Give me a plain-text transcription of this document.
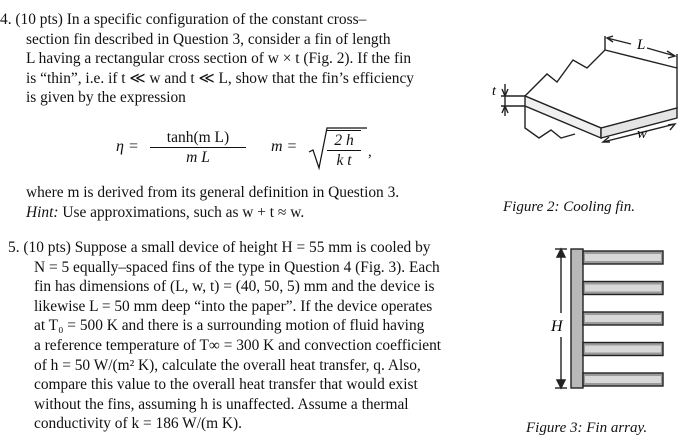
4. (10 pts) In a specific configuration of the constant cross–
section fin described in Question 3, consider a fin of length
L having a rectangular cross section of w × t (Fig. 2). If the fin
is “thin”, i.e. if t ≪ w and t ≪ L, show that the fin’s efficiency
is given by the expression
$\eta = \frac{\text{tanh(m L)}}{\text{m L}}$ $m = \frac{2 h}{\text{k t}}$ ,
where m is derived from its general definition in Question 3.
Hint: Use approximations, such as w + t ≈ w.
5. (10 pts) Suppose a small device of height H = 55 mm is cooled by
N = 5 equally–spaced fins of the type in Question 4 (Fig. 3). Each
fin has dimensions of (L, w, t) = (40, 50, 5) mm and the device is
likewise L = 50 mm deep “into the paper”. If the device operates
at T₀ = 500 K and there is a surrounding motion of fluid having
a reference temperature of T∞ = 300 K and convection coefficient
of h = 50 W/(m² K), calculate the overall heat transfer, q. Also,
compare this value to the overall heat transfer that would exist
without the fins, assuming h is unaffected. Assume a thermal
conductivity of k = 186 W/(m K).
L
w
t
Figure 2: Cooling fin.
H
Figure 3: Fin array.
